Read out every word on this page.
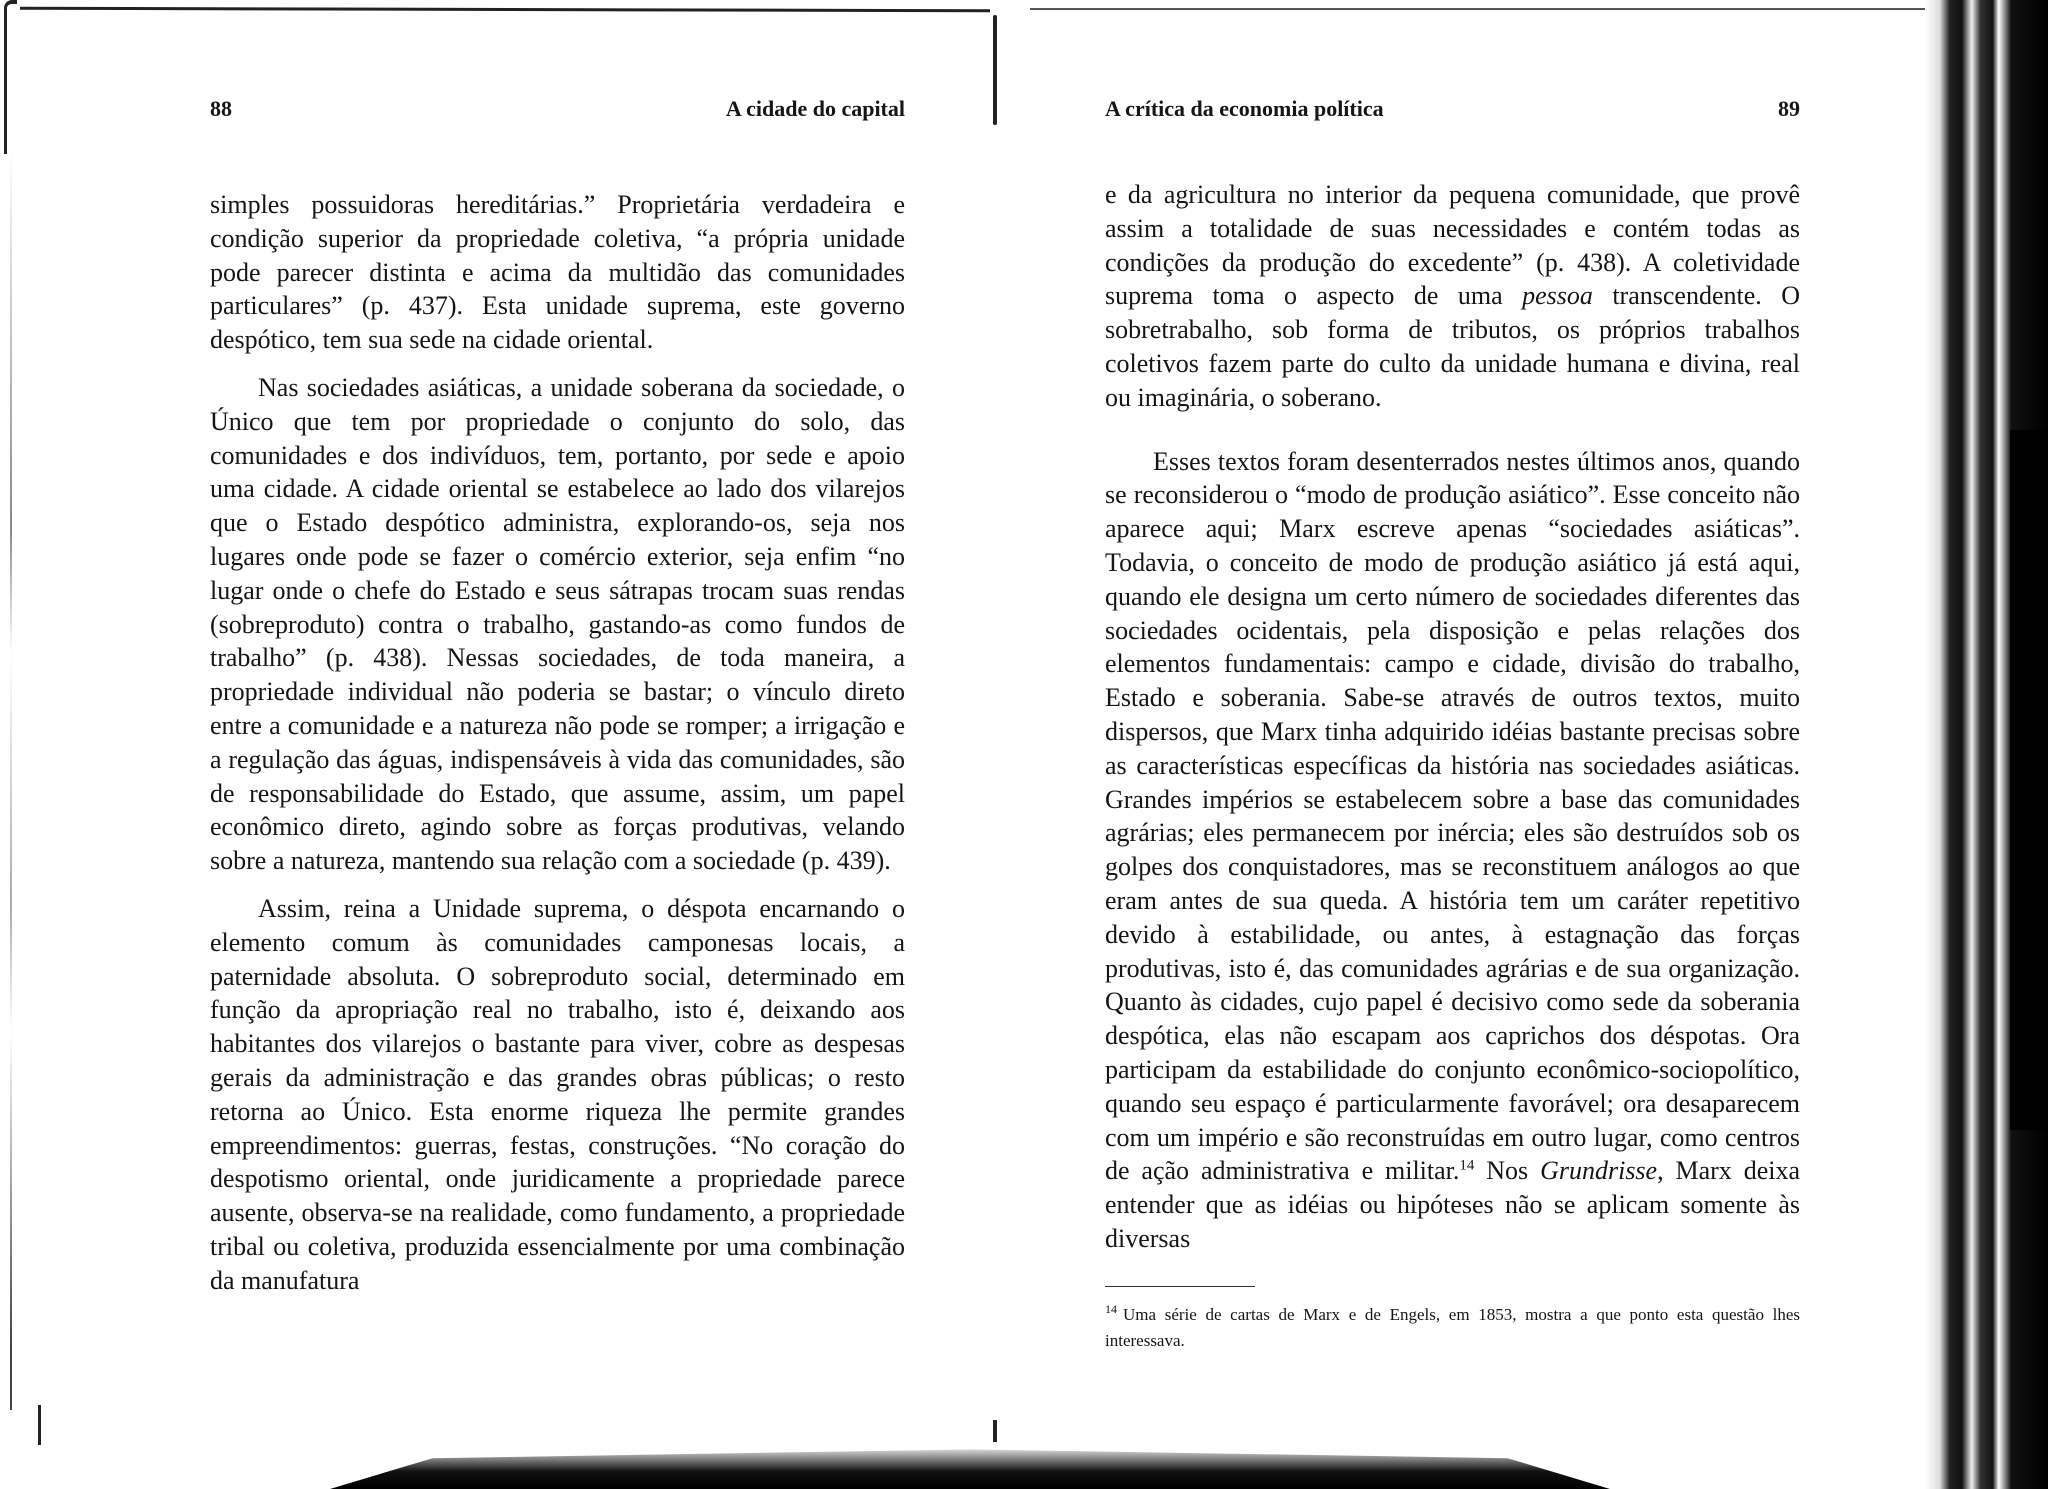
88	A cidade do capital

simples possuidoras hereditárias.” Proprietária verdadeira e condição superior da propriedade coletiva, “a própria unidade pode parecer distinta e acima da multidão das comunidades particulares” (p. 437). Esta unidade suprema, este governo despótico, tem sua sede na cidade oriental.

Nas sociedades asiáticas, a unidade soberana da sociedade, o Único que tem por propriedade o conjunto do solo, das comunidades e dos indivíduos, tem, portanto, por sede e apoio uma cidade. A cidade oriental se estabelece ao lado dos vilarejos que o Estado despótico administra, explorando-os, seja nos lugares onde pode se fazer o comércio exterior, seja enfim “no lugar onde o chefe do Estado e seus sátrapas trocam suas rendas (sobreproduto) contra o trabalho, gastando-as como fundos de trabalho” (p. 438). Nessas sociedades, de toda maneira, a propriedade individual não poderia se bastar; o vínculo direto entre a comunidade e a natureza não pode se romper; a irrigação e a regulação das águas, indispensáveis à vida das comunidades, são de responsabilidade do Estado, que assume, assim, um papel econômico direto, agindo sobre as forças produtivas, velando sobre a natureza, mantendo sua relação com a sociedade (p. 439).

Assim, reina a Unidade suprema, o déspota encarnando o elemento comum às comunidades camponesas locais, a paternidade absoluta. O sobreproduto social, determinado em função da apropriação real no trabalho, isto é, deixando aos habitantes dos vilarejos o bastante para viver, cobre as despesas gerais da administração e das grandes obras públicas; o resto retorna ao Único. Esta enorme riqueza lhe permite grandes empreendimentos: guerras, festas, construções. “No coração do despotismo oriental, onde juridicamente a propriedade parece ausente, observa-se na realidade, como fundamento, a propriedade tribal ou coletiva, produzida essencialmente por uma combinação da manufatura

A crítica da economia política	89

e da agricultura no interior da pequena comunidade, que provê assim a totalidade de suas necessidades e contém todas as condições da produção do excedente” (p. 438). A coletividade suprema toma o aspecto de uma pessoa transcendente. O sobretrabalho, sob forma de tributos, os próprios trabalhos coletivos fazem parte do culto da unidade humana e divina, real ou imaginária, o soberano.

Esses textos foram desenterrados nestes últimos anos, quando se reconsiderou o “modo de produção asiático”. Esse conceito não aparece aqui; Marx escreve apenas “sociedades asiáticas”. Todavia, o conceito de modo de produção asiático já está aqui, quando ele designa um certo número de sociedades diferentes das sociedades ocidentais, pela disposição e pelas relações dos elementos fundamentais: campo e cidade, divisão do trabalho, Estado e soberania. Sabe-se através de outros textos, muito dispersos, que Marx tinha adquirido idéias bastante precisas sobre as características específicas da história nas sociedades asiáticas. Grandes impérios se estabelecem sobre a base das comunidades agrárias; eles permanecem por inércia; eles são destruídos sob os golpes dos conquistadores, mas se reconstituem análogos ao que eram antes de sua queda. A história tem um caráter repetitivo devido à estabilidade, ou antes, à estagnação das forças produtivas, isto é, das comunidades agrárias e de sua organização. Quanto às cidades, cujo papel é decisivo como sede da soberania despótica, elas não escapam aos caprichos dos déspotas. Ora participam da estabilidade do conjunto econômico-sociopolítico, quando seu espaço é particularmente favorável; ora desaparecem com um império e são reconstruídas em outro lugar, como centros de ação administrativa e militar.$^{14}$ Nos Grundrisse, Marx deixa entender que as idéias ou hipóteses não se aplicam somente às diversas

$^{14}$ Uma série de cartas de Marx e de Engels, em 1853, mostra a que ponto esta questão lhes interessava.
